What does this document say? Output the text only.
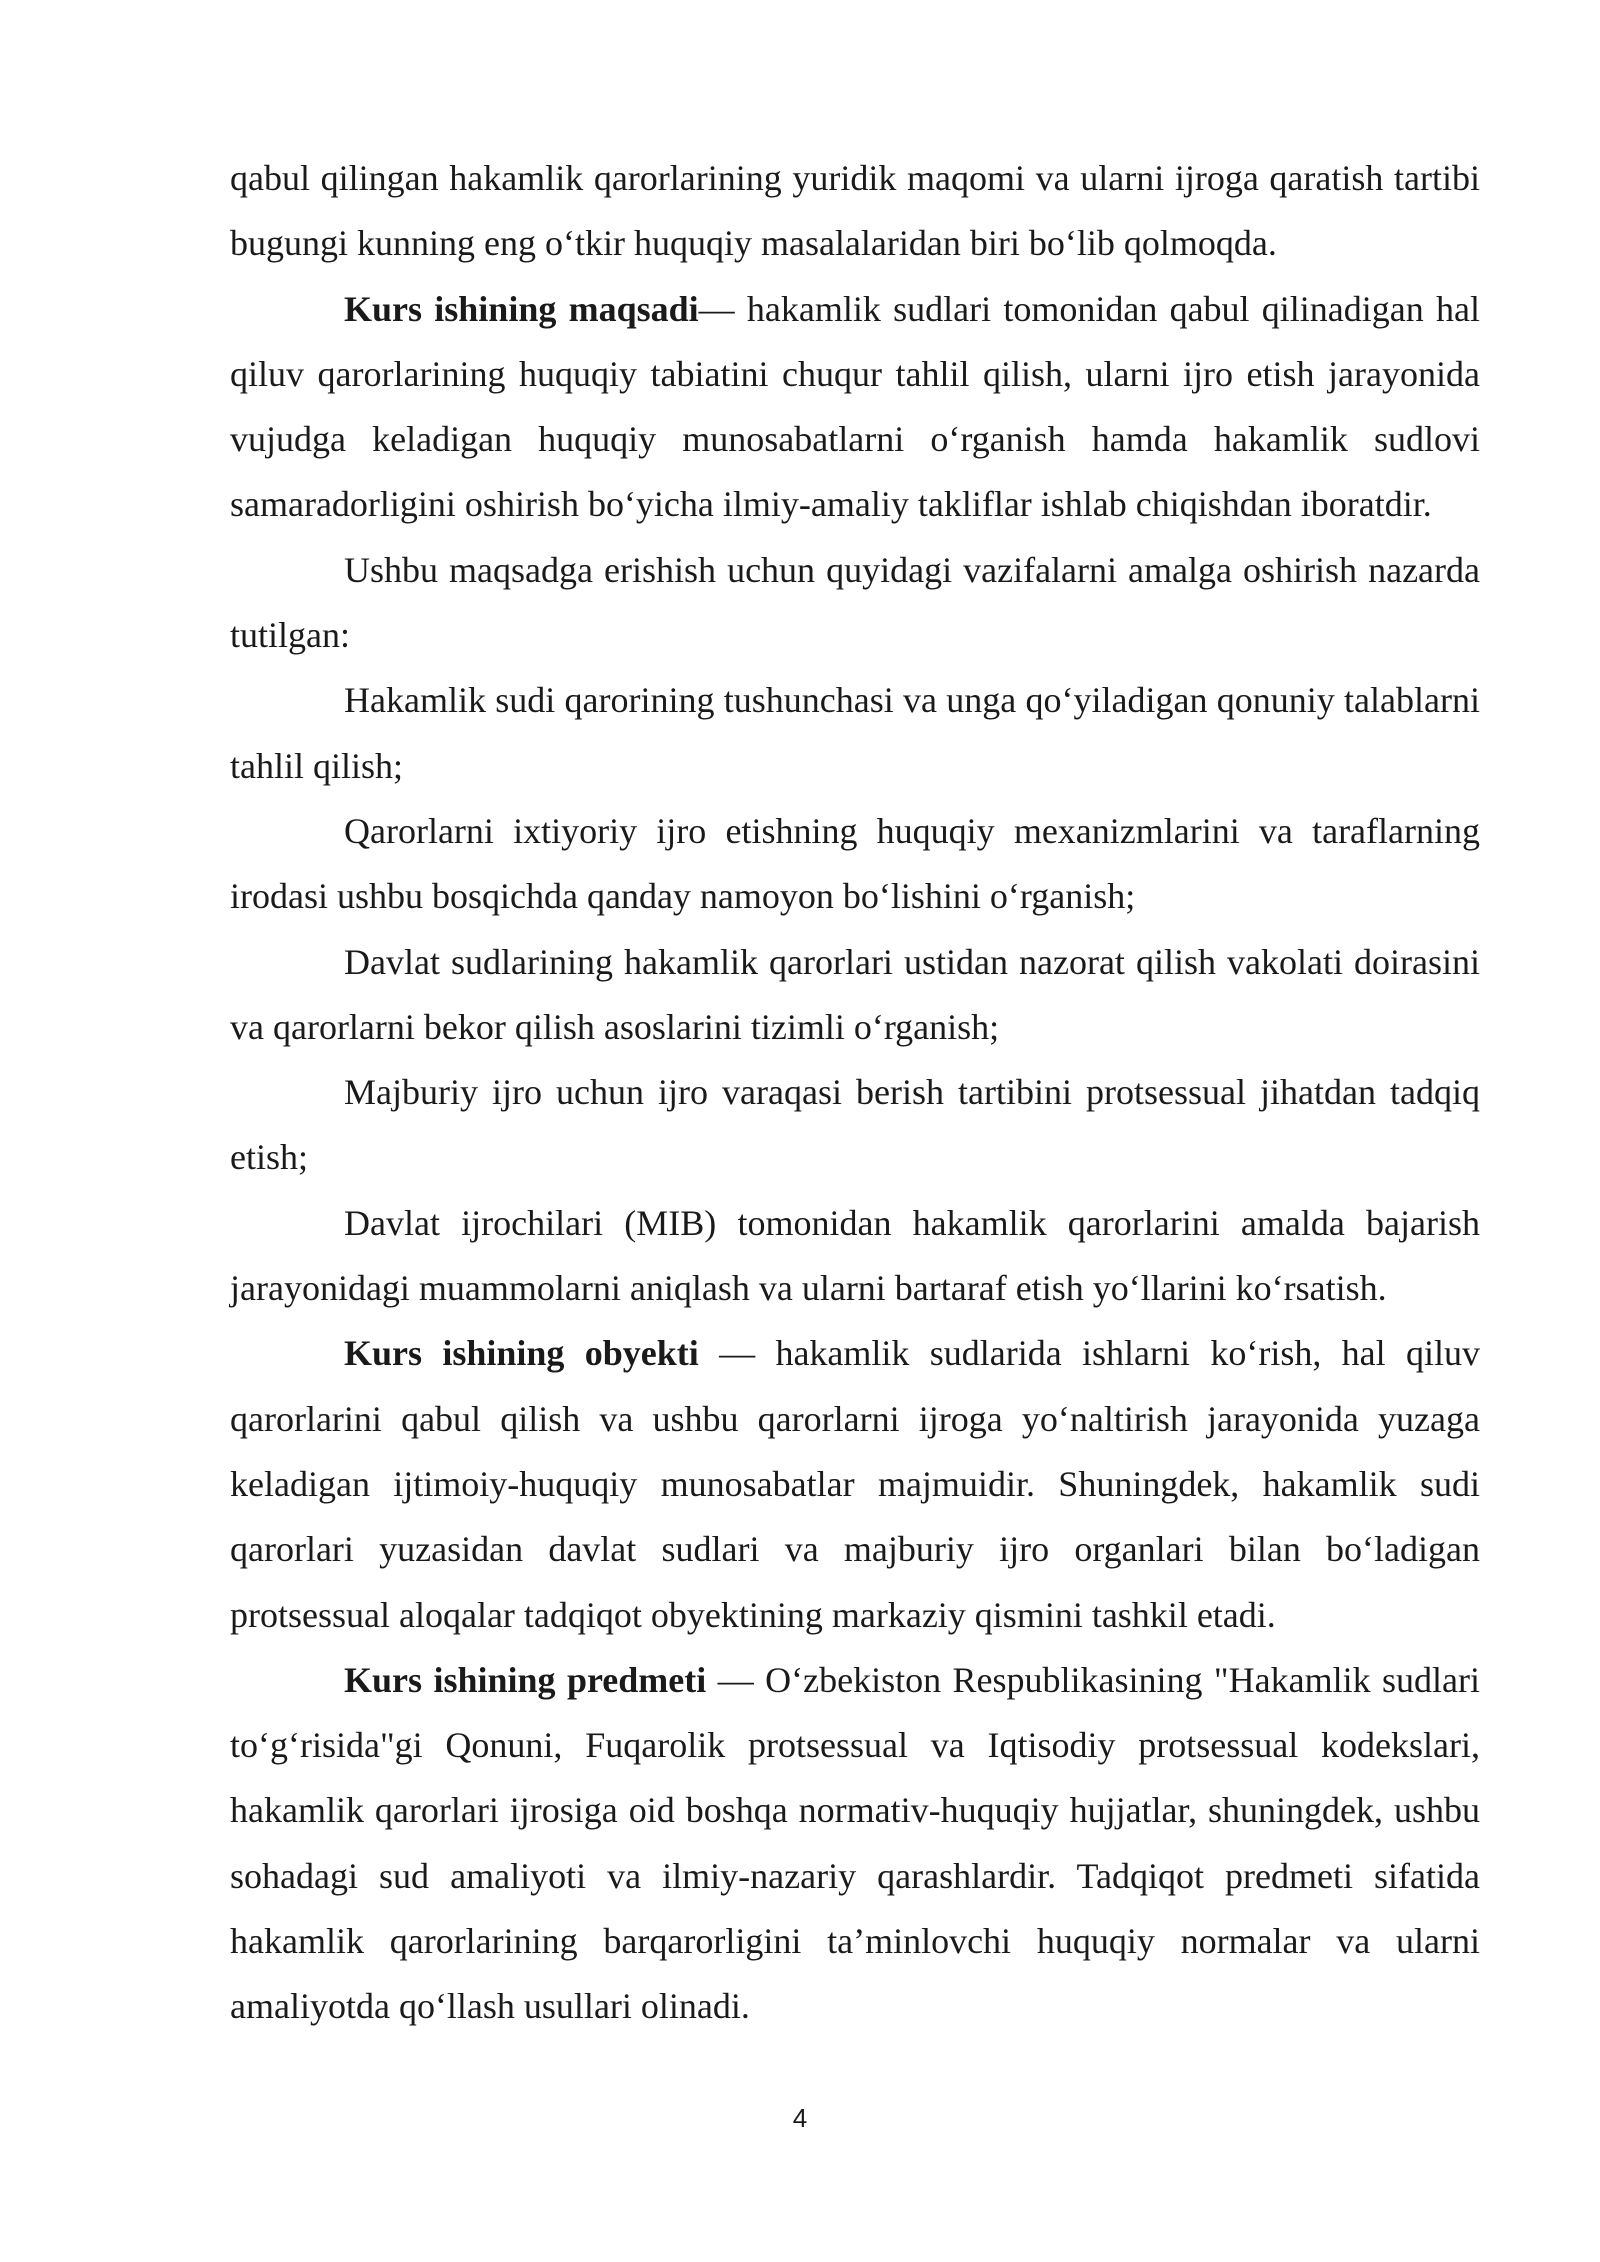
qabul qilingan hakamlik qarorlarining yuridik maqomi va ularni ijroga qaratish tartibi bugungi kunning eng o‘tkir huquqiy masalalaridan biri bo‘lib qolmoqda.

Kurs ishining maqsadi— hakamlik sudlari tomonidan qabul qilinadigan hal qiluv qarorlarining huquqiy tabiatini chuqur tahlil qilish, ularni ijro etish jarayonida vujudga keladigan huquqiy munosabatlarni o‘rganish hamda hakamlik sudlovi samaradorligini oshirish bo‘yicha ilmiy-amaliy takliflar ishlab chiqishdan iboratdir.

Ushbu maqsadga erishish uchun quyidagi vazifalarni amalga oshirish nazarda tutilgan:

Hakamlik sudi qarorining tushunchasi va unga qo‘yiladigan qonuniy talablarni tahlil qilish;

Qarorlarni ixtiyoriy ijro etishning huquqiy mexanizmlarini va taraflarning irodasi ushbu bosqichda qanday namoyon bo‘lishini o‘rganish;

Davlat sudlarining hakamlik qarorlari ustidan nazorat qilish vakolati doirasini va qarorlarni bekor qilish asoslarini tizimli o‘rganish;

Majburiy ijro uchun ijro varaqasi berish tartibini protsessual jihatdan tadqiq etish;

Davlat ijrochilari (MIB) tomonidan hakamlik qarorlarini amalda bajarish jarayonidagi muammolarni aniqlash va ularni bartaraf etish yo‘llarini ko‘rsatish.

Kurs ishining obyekti — hakamlik sudlarida ishlarni ko‘rish, hal qiluv qarorlarini qabul qilish va ushbu qarorlarni ijroga yo‘naltirish jarayonida yuzaga keladigan ijtimoiy-huquqiy munosabatlar majmuidir. Shuningdek, hakamlik sudi qarorlari yuzasidan davlat sudlari va majburiy ijro organlari bilan bo‘ladigan protsessual aloqalar tadqiqot obyektining markaziy qismini tashkil etadi.

Kurs ishining predmeti — O‘zbekiston Respublikasining "Hakamlik sudlari to‘g‘risida"gi Qonuni, Fuqarolik protsessual va Iqtisodiy protsessual kodekslari, hakamlik qarorlari ijrosiga oid boshqa normativ-huquqiy hujjatlar, shuningdek, ushbu sohadagi sud amaliyoti va ilmiy-nazariy qarashlardir. Tadqiqot predmeti sifatida hakamlik qarorlarining barqarorligini ta’minlovchi huquqiy normalar va ularni amaliyotda qo‘llash usullari olinadi.

4
